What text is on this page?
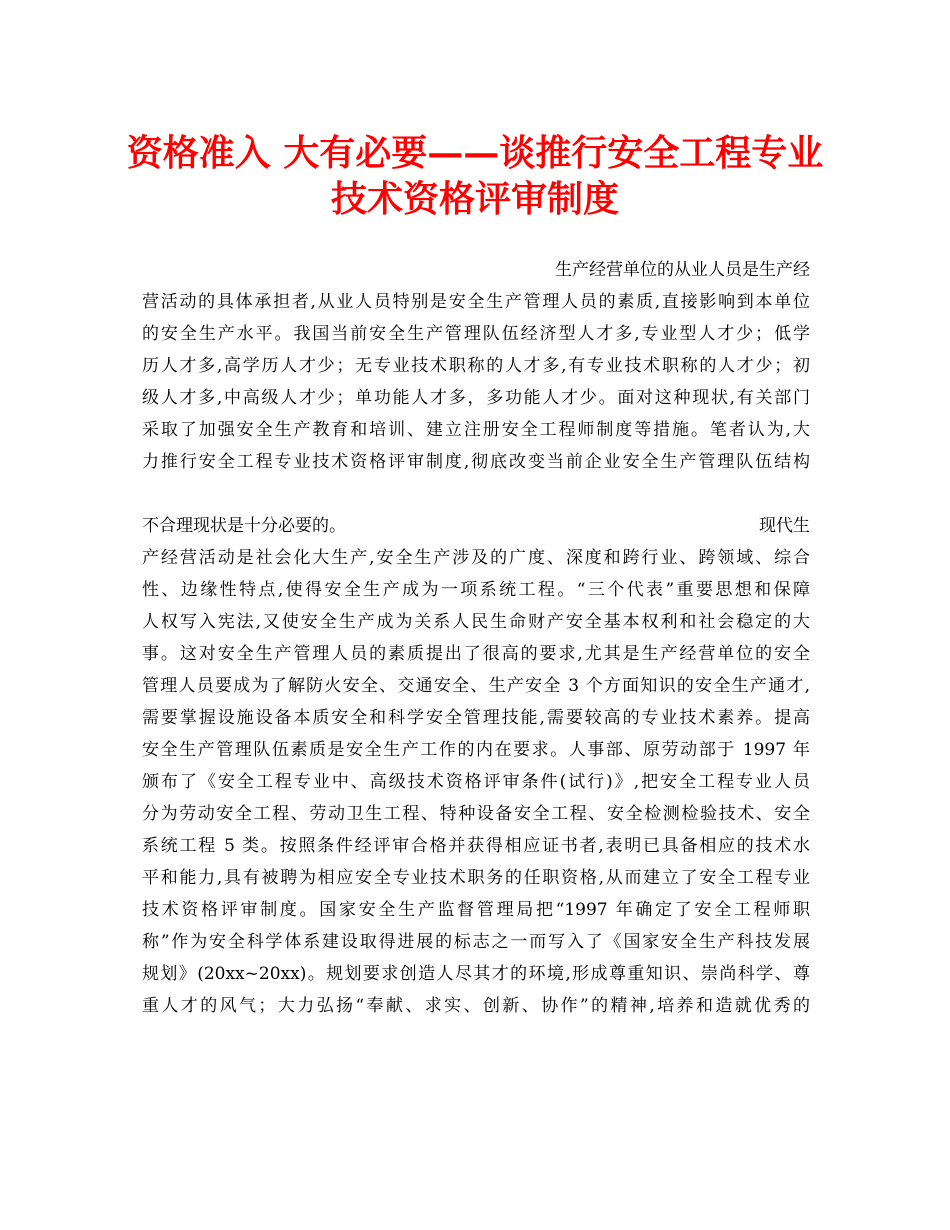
资格准入 大有必要——谈推行安全工程专业
技术资格评审制度
生产经营单位的从业人员是生产经
营活动的具体承担者,从业人员特别是安全生产管理人员的素质,直接影响到本单位
的安全生产水平。我国当前安全生产管理队伍经济型人才多,专业型人才少；低学
历人才多,高学历人才少；无专业技术职称的人才多,有专业技术职称的人才少；初
级人才多,中高级人才少；单功能人才多，多功能人才少。面对这种现状,有关部门
采取了加强安全生产教育和培训、建立注册安全工程师制度等措施。笔者认为,大
力推行安全工程专业技术资格评审制度,彻底改变当前企业安全生产管理队伍结构
不合理现状是十分必要的。	现代生
产经营活动是社会化大生产,安全生产涉及的广度、深度和跨行业、跨领域、综合
性、边缘性特点,使得安全生产成为一项系统工程。“三个代表”重要思想和保障
人权写入宪法,又使安全生产成为关系人民生命财产安全基本权利和社会稳定的大
事。这对安全生产管理人员的素质提出了很高的要求,尤其是生产经营单位的安全
管理人员要成为了解防火安全、交通安全、生产安全 3 个方面知识的安全生产通才,
需要掌握设施设备本质安全和科学安全管理技能,需要较高的专业技术素养。提高
安全生产管理队伍素质是安全生产工作的内在要求。人事部、原劳动部于 1997 年
颁布了《安全工程专业中、高级技术资格评审条件(试行)》,把安全工程专业人员
分为劳动安全工程、劳动卫生工程、特种设备安全工程、安全检测检验技术、安全
系统工程 5 类。按照条件经评审合格并获得相应证书者,表明已具备相应的技术水
平和能力,具有被聘为相应安全专业技术职务的任职资格,从而建立了安全工程专业
技术资格评审制度。国家安全生产监督管理局把“1997 年确定了安全工程师职
称”作为安全科学体系建设取得进展的标志之一而写入了《国家安全生产科技发展
规划》(20xx~20xx)。规划要求创造人尽其才的环境,形成尊重知识、崇尚科学、尊
重人才的风气；大力弘扬“奉献、求实、创新、协作”的精神,培养和造就优秀的
